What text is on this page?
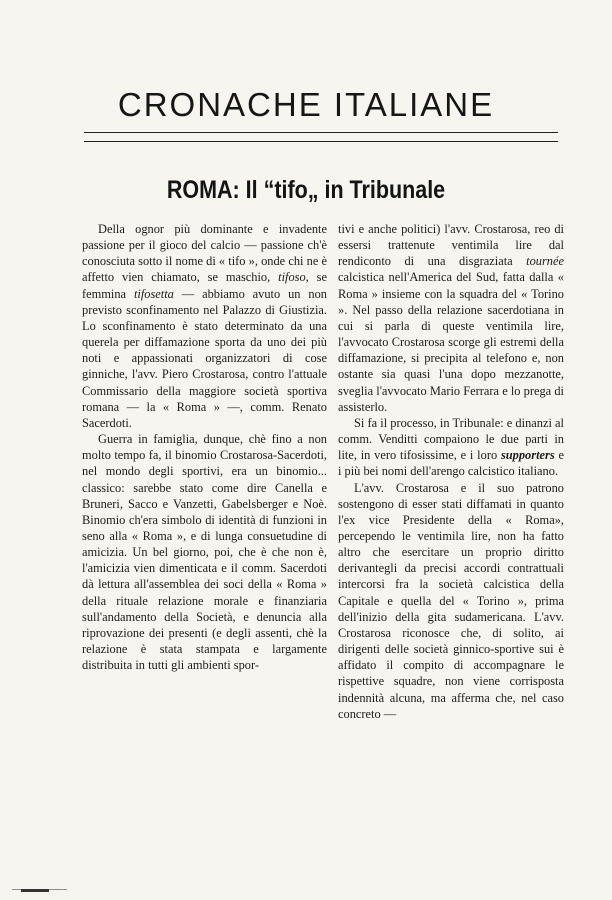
CRONACHE ITALIANE
ROMA: Il “tifo„ in Tribunale

Della ognor più dominante e invadente passione per il gioco del calcio — passione ch'è conosciuta sotto il nome di « tifo », onde chi ne è affetto vien chiamato, se maschio, tifoso, se femmina tifosetta — abbiamo avuto un non previsto sconfinamento nel Palazzo di Giustizia. Lo sconfinamento è stato determinato da una querela per diffamazione sporta da uno dei più noti e appassionati organizzatori di cose ginniche, l'avv. Piero Crostarosa, contro l'attuale Commissario della maggiore società sportiva romana — la « Roma » —, comm. Renato Sacerdoti.

Guerra in famiglia, dunque, chè fino a non molto tempo fa, il binomio Crostarosa-Sacerdoti, nel mondo degli sportivi, era un binomio... classico: sarebbe stato come dire Canella e Bruneri, Sacco e Vanzetti, Gabelsberger e Noè. Binomio ch'era simbolo di identità di funzioni in seno alla « Roma », e di lunga consuetudine di amicizia. Un bel giorno, poi, che è che non è, l'amicizia vien dimenticata e il comm. Sacerdoti dà lettura all'assemblea dei soci della « Roma » della rituale relazione morale e finanziaria sull'andamento della Società, e denuncia alla riprovazione dei presenti (e degli assenti, chè la relazione è stata stampata e largamente distribuita in tutti gli ambienti spor-

tivi e anche politici) l'avv. Crostarosa, reo di essersi trattenute ventimila lire dal rendiconto di una disgraziata tournée calcistica nell'America del Sud, fatta dalla « Roma » insieme con la squadra del « Torino ». Nel passo della relazione sacerdotiana in cui si parla di queste ventimila lire, l'avvocato Crostarosa scorge gli estremi della diffamazione, si precipita al telefono e, non ostante sia quasi l'una dopo mezzanotte, sveglia l'avvocato Mario Ferrara e lo prega di assisterlo.

Si fa il processo, in Tribunale: e dinanzi al comm. Venditti compaiono le due parti in lite, in vero tifosissime, e i loro supporters e i più bei nomi dell'arengo calcistico italiano.

L'avv. Crostarosa e il suo patrono sostengono di esser stati diffamati in quanto l'ex vice Presidente della « Roma», percependo le ventimila lire, non ha fatto altro che esercitare un proprio diritto derivantegli da precisi accordi contrattuali intercorsi fra la società calcistica della Capitale e quella del « Torino », prima dell'inizio della gita sudamericana. L'avv. Crostarosa riconosce che, di solito, ai dirigenti delle società ginnico-sportive sui è affidato il compito di accompagnare le rispettive squadre, non viene corrisposta indennità alcuna, ma afferma che, nel caso concreto —

—▬▬▬——
